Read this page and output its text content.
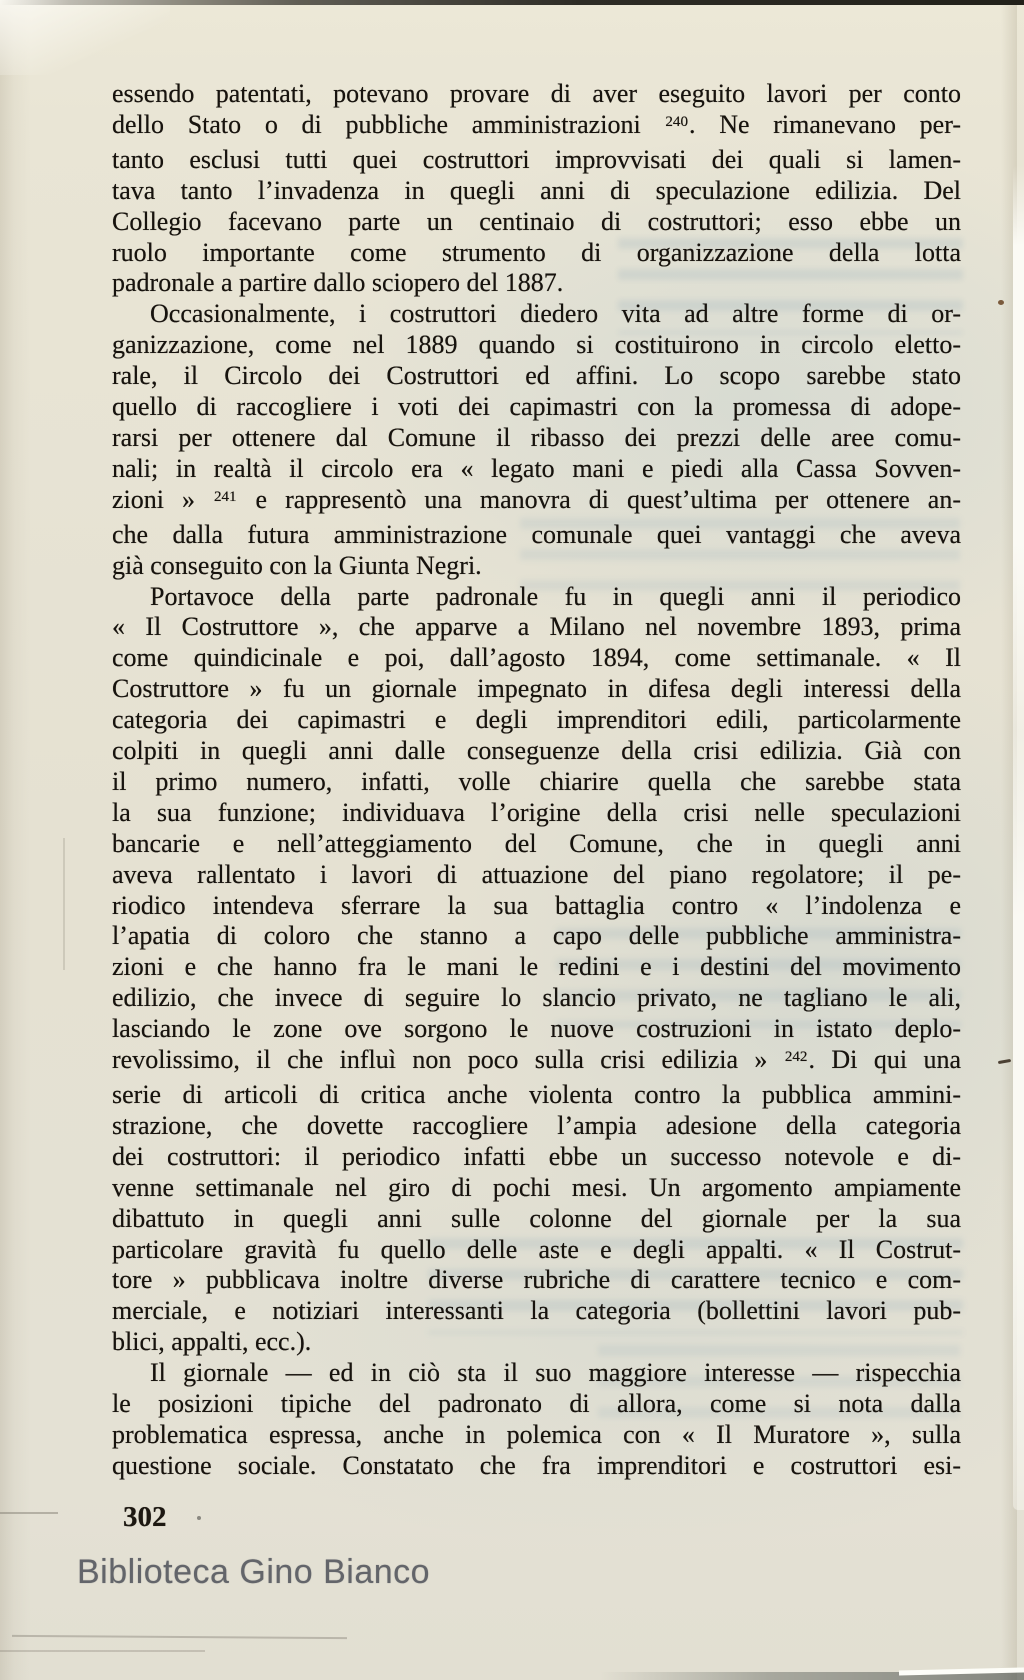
essendo patentati, potevano provare di aver eseguito lavori per conto
dello Stato o di pubbliche amministrazioni $^{240}$. Ne rimanevano per-
tanto esclusi tutti quei costruttori improvvisati dei quali si lamen-
tava tanto l’invadenza in quegli anni di speculazione edilizia. Del
Collegio facevano parte un centinaio di costruttori; esso ebbe un
ruolo importante come strumento di organizzazione della lotta
padronale a partire dallo sciopero del 1887.
Occasionalmente, i costruttori diedero vita ad altre forme di or-
ganizzazione, come nel 1889 quando si costituirono in circolo eletto-
rale, il Circolo dei Costruttori ed affini. Lo scopo sarebbe stato
quello di raccogliere i voti dei capimastri con la promessa di adope-
rarsi per ottenere dal Comune il ribasso dei prezzi delle aree comu-
nali; in realtà il circolo era « legato mani e piedi alla Cassa Sovven-
zioni » $^{241}$ e rappresentò una manovra di quest’ultima per ottenere an-
che dalla futura amministrazione comunale quei vantaggi che aveva
già conseguito con la Giunta Negri.
Portavoce della parte padronale fu in quegli anni il periodico
« Il Costruttore », che apparve a Milano nel novembre 1893, prima
come quindicinale e poi, dall’agosto 1894, come settimanale. « Il
Costruttore » fu un giornale impegnato in difesa degli interessi della
categoria dei capimastri e degli imprenditori edili, particolarmente
colpiti in quegli anni dalle conseguenze della crisi edilizia. Già con
il primo numero, infatti, volle chiarire quella che sarebbe stata
la sua funzione; individuava l’origine della crisi nelle speculazioni
bancarie e nell’atteggiamento del Comune, che in quegli anni
aveva rallentato i lavori di attuazione del piano regolatore; il pe-
riodico intendeva sferrare la sua battaglia contro « l’indolenza e
l’apatia di coloro che stanno a capo delle pubbliche amministra-
zioni e che hanno fra le mani le redini e i destini del movimento
edilizio, che invece di seguire lo slancio privato, ne tagliano le ali,
lasciando le zone ove sorgono le nuove costruzioni in istato deplo-
revolissimo, il che influì non poco sulla crisi edilizia » $^{242}$. Di qui una
serie di articoli di critica anche violenta contro la pubblica ammini-
strazione, che dovette raccogliere l’ampia adesione della categoria
dei costruttori: il periodico infatti ebbe un successo notevole e di-
venne settimanale nel giro di pochi mesi. Un argomento ampiamente
dibattuto in quegli anni sulle colonne del giornale per la sua
particolare gravità fu quello delle aste e degli appalti. « Il Costrut-
tore » pubblicava inoltre diverse rubriche di carattere tecnico e com-
merciale, e notiziari interessanti la categoria (bollettini lavori pub-
blici, appalti, ecc.).
Il giornale — ed in ciò sta il suo maggiore interesse — rispecchia
le posizioni tipiche del padronato di allora, come si nota dalla
problematica espressa, anche in polemica con « Il Muratore », sulla
questione sociale. Constatato che fra imprenditori e costruttori esi-
302
Biblioteca Gino Bianco
